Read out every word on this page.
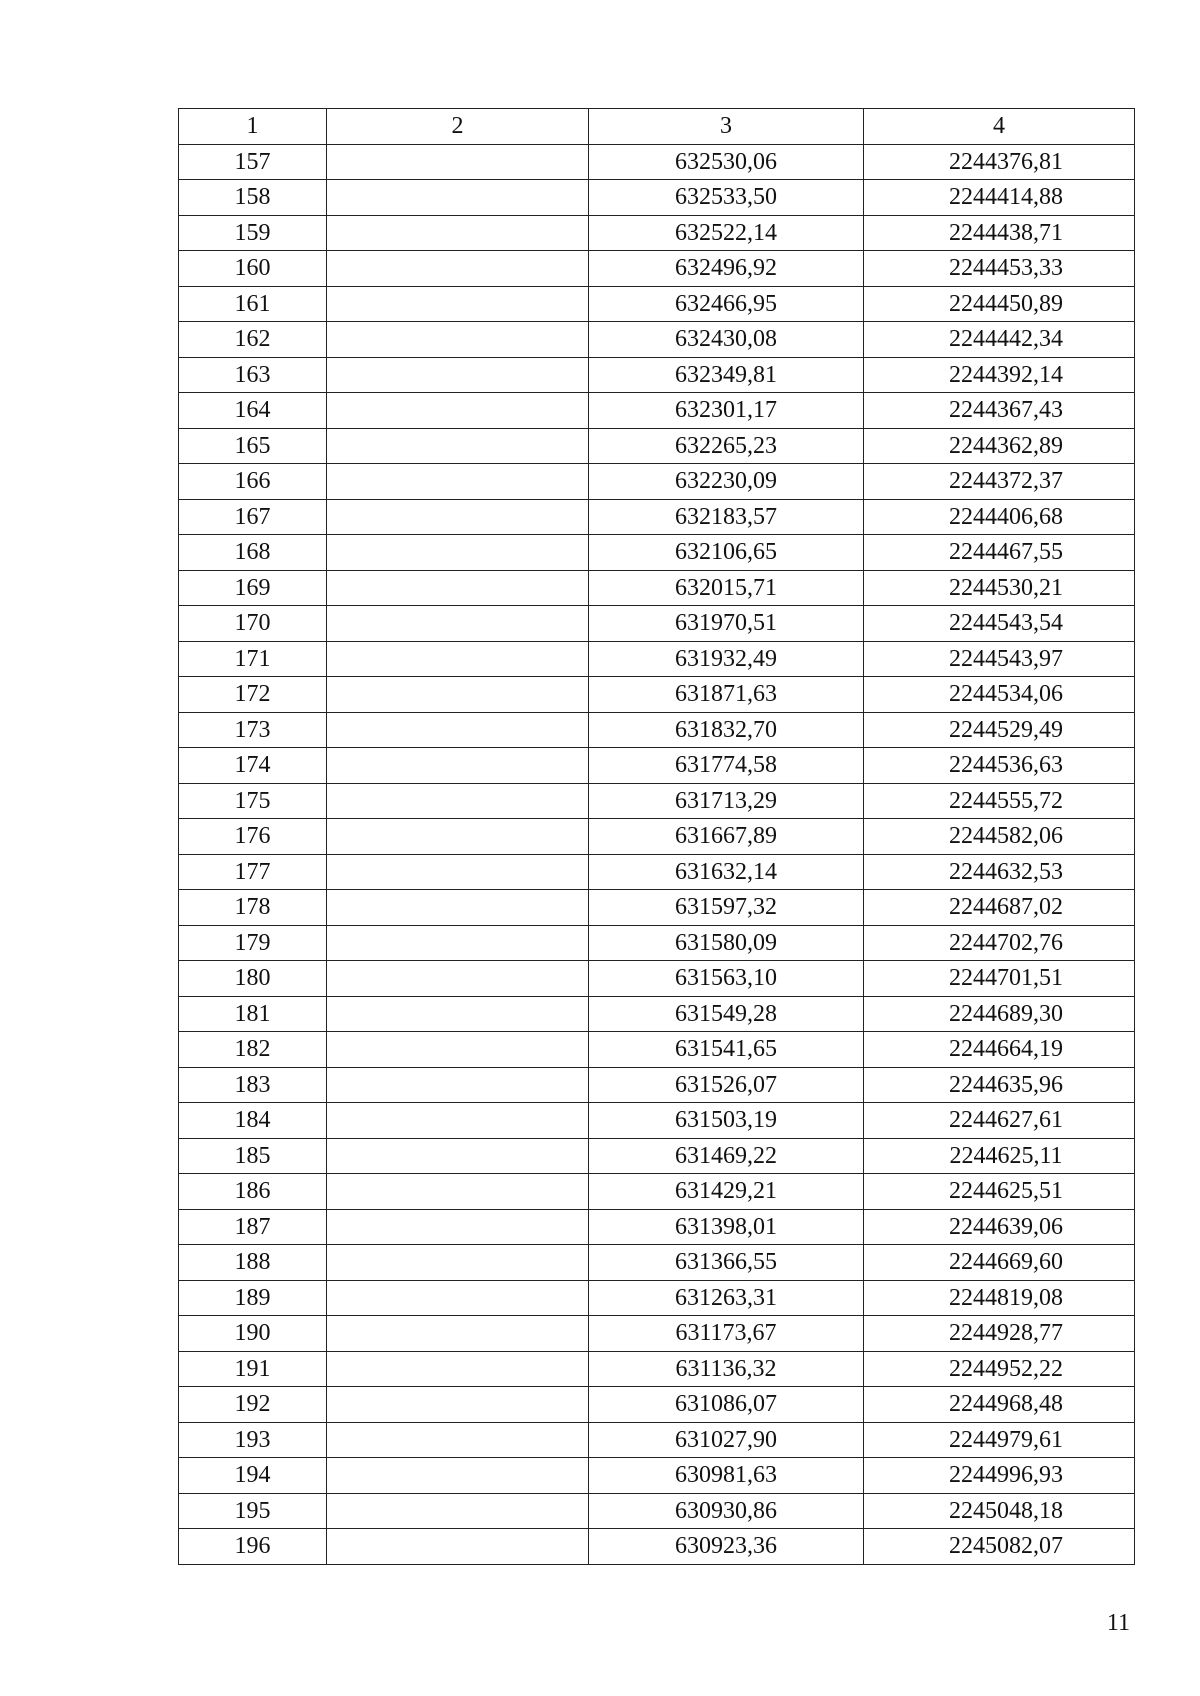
1	2	3	4
157		632530,06	2244376,81
158		632533,50	2244414,88
159		632522,14	2244438,71
160		632496,92	2244453,33
161		632466,95	2244450,89
162		632430,08	2244442,34
163		632349,81	2244392,14
164		632301,17	2244367,43
165		632265,23	2244362,89
166		632230,09	2244372,37
167		632183,57	2244406,68
168		632106,65	2244467,55
169		632015,71	2244530,21
170		631970,51	2244543,54
171		631932,49	2244543,97
172		631871,63	2244534,06
173		631832,70	2244529,49
174		631774,58	2244536,63
175		631713,29	2244555,72
176		631667,89	2244582,06
177		631632,14	2244632,53
178		631597,32	2244687,02
179		631580,09	2244702,76
180		631563,10	2244701,51
181		631549,28	2244689,30
182		631541,65	2244664,19
183		631526,07	2244635,96
184		631503,19	2244627,61
185		631469,22	2244625,11
186		631429,21	2244625,51
187		631398,01	2244639,06
188		631366,55	2244669,60
189		631263,31	2244819,08
190		631173,67	2244928,77
191		631136,32	2244952,22
192		631086,07	2244968,48
193		631027,90	2244979,61
194		630981,63	2244996,93
195		630930,86	2245048,18
196		630923,36	2245082,07
11
